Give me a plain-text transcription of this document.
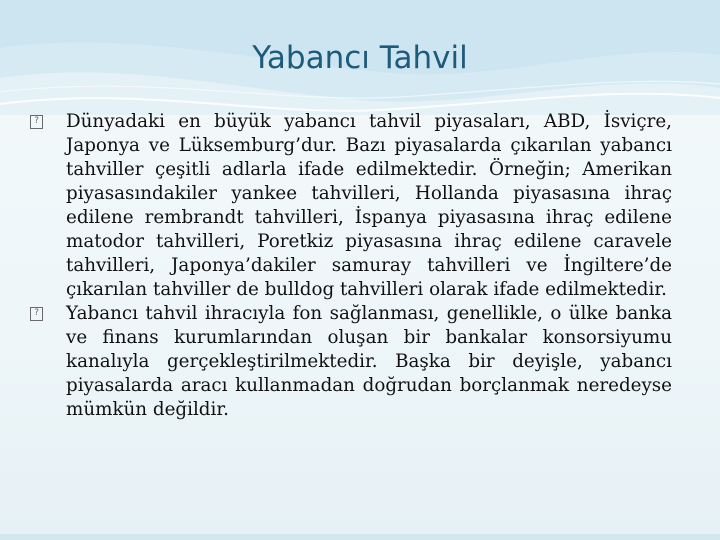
Yabancı Tahvil

? Dünyadaki en büyük yabancı tahvil piyasaları, ABD, İsviçre, Japonya ve Lüksemburg’dur. Bazı piyasalarda çıkarılan yabancı tahviller çeşitli adlarla ifade edilmektedir. Örneğin; Amerikan piyasasındakiler yankee tahvilleri, Hollanda piyasasına ihraç edilene rembrandt tahvilleri, İspanya piyasasına ihraç edilene matodor tahvilleri, Poretkiz piyasasına ihraç edilene caravele tahvilleri, Japonya’dakiler samuray tahvilleri ve İngiltere’de çıkarılan tahviller de bulldog tahvilleri olarak ifade edilmektedir.

? Yabancı tahvil ihracıyla fon sağlanması, genellikle, o ülke banka ve finans kurumlarından oluşan bir bankalar konsorsiyumu kanalıyla gerçekleştirilmektedir. Başka bir deyişle, yabancı piyasalarda aracı kullanmadan doğrudan borçlanmak neredeyse mümkün değildir.
